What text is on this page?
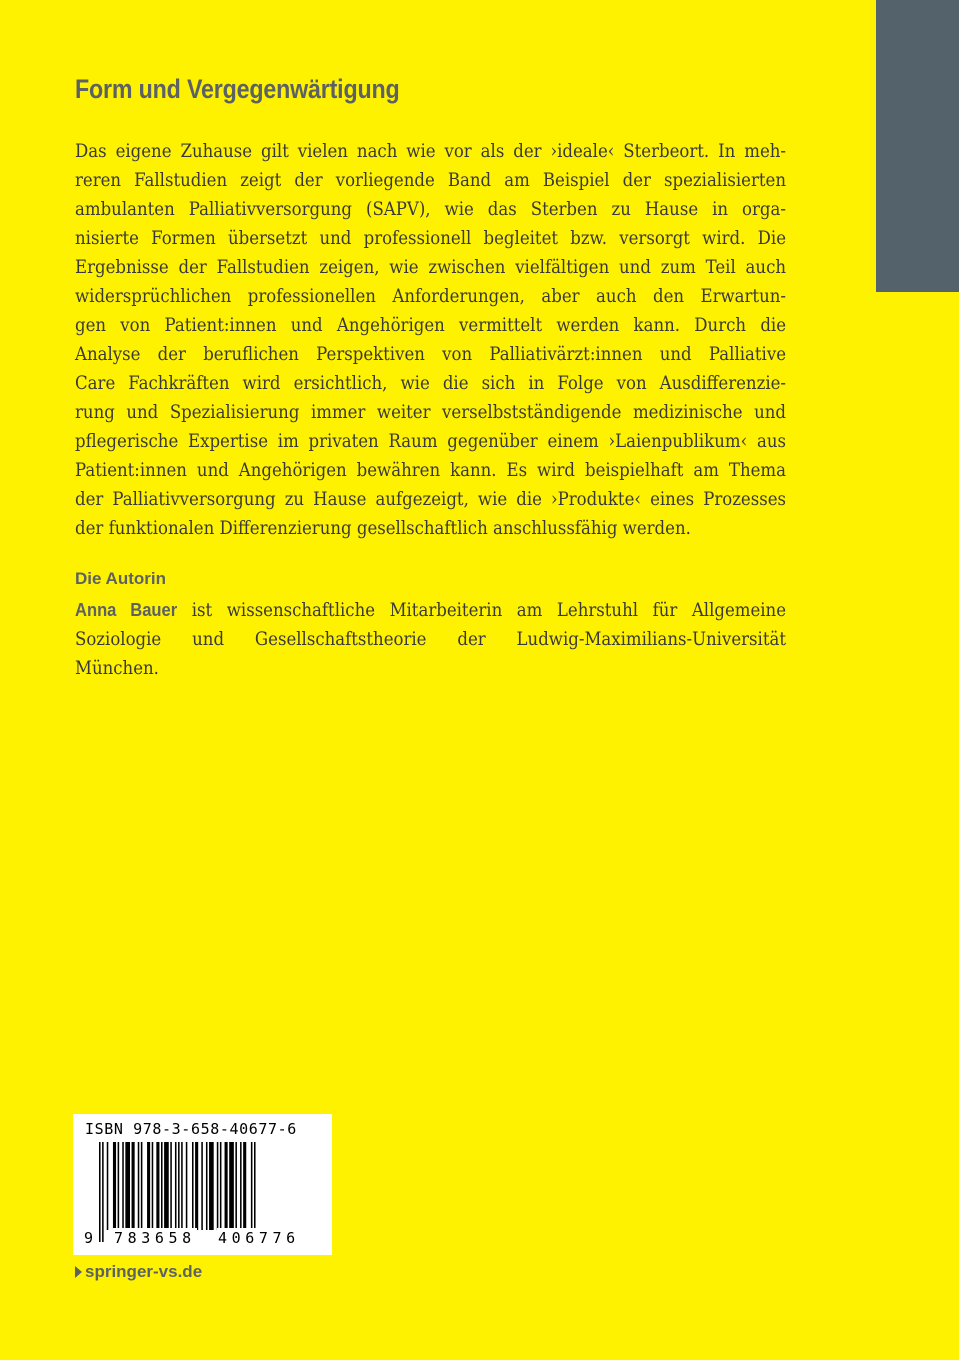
Form und Vergegenwärtigung
Das eigene Zuhause gilt vielen nach wie vor als der ›ideale‹ Sterbeort. In meh-
reren Fallstudien zeigt der vorliegende Band am Beispiel der spezialisierten
ambulanten Palliativversorgung (SAPV), wie das Sterben zu Hause in orga-
nisierte Formen übersetzt und professionell begleitet bzw. versorgt wird. Die
Ergebnisse der Fallstudien zeigen, wie zwischen vielfältigen und zum Teil auch
widersprüchlichen professionellen Anforderungen, aber auch den Erwartun-
gen von Patient:innen und Angehörigen vermittelt werden kann. Durch die
Analyse der beruflichen Perspektiven von Palliativärzt:innen und Palliative
Care Fachkräften wird ersichtlich, wie die sich in Folge von Ausdifferenzie-
rung und Spezialisierung immer weiter verselbstständigende medizinische und
pflegerische Expertise im privaten Raum gegenüber einem ›Laienpublikum‹ aus
Patient:innen und Angehörigen bewähren kann. Es wird beispielhaft am Thema
der Palliativversorgung zu Hause aufgezeigt, wie die ›Produkte‹ eines Prozesses
der funktionalen Differenzierung gesellschaftlich anschlussfähig werden.
Die Autorin
Anna Bauer ist wissenschaftliche Mitarbeiterin am Lehrstuhl für Allgemeine
Soziologie und Gesellschaftstheorie der Ludwig-Maximilians-Universität
München.
ISBN 978-3-658-40677-6
9 783658 406776
springer-vs.de
